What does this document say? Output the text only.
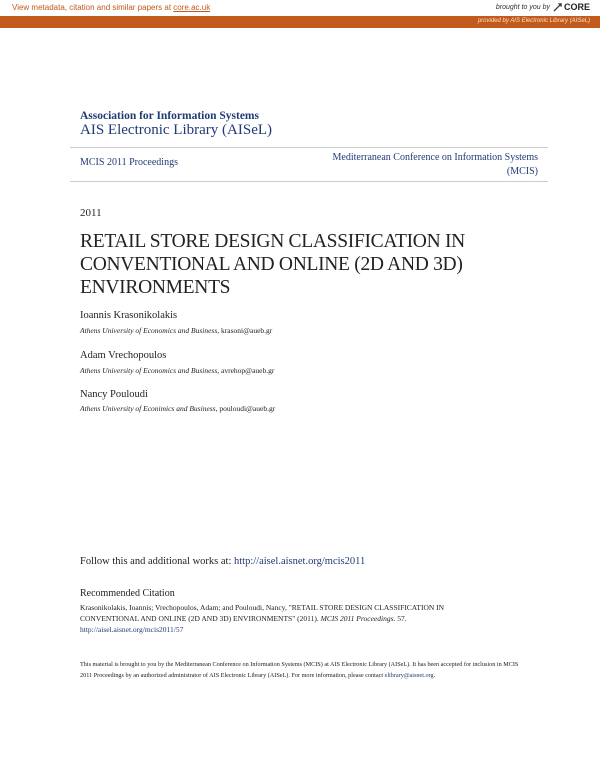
View metadata, citation and similar papers at core.ac.uk	brought to you by CORE
provided by AIS Electronic Library (AISeL)
Association for Information Systems
AIS Electronic Library (AISeL)
MCIS 2011 Proceedings	Mediterranean Conference on Information Systems
(MCIS)
2011
RETAIL STORE DESIGN CLASSIFICATION IN CONVENTIONAL AND ONLINE (2D AND 3D) ENVIRONMENTS
Ioannis Krasonikolakis
Athens University of Economics and Business, krasoni@aueb.gr
Adam Vrechopoulos
Athens University of Economics and Business, avrehop@aueb.gr
Nancy Pouloudi
Athens University of Econimics and Business, pouloudi@aueb.gr
Follow this and additional works at: http://aisel.aisnet.org/mcis2011
Recommended Citation
Krasonikolakis, Ioannis; Vrechopoulos, Adam; and Pouloudi, Nancy, "RETAIL STORE DESIGN CLASSIFICATION IN
CONVENTIONAL AND ONLINE (2D AND 3D) ENVIRONMENTS" (2011). MCIS 2011 Proceedings. 57.
http://aisel.aisnet.org/mcis2011/57
This material is brought to you by the Mediterranean Conference on Information Systems (MCIS) at AIS Electronic Library (AISeL). It has been accepted for inclusion in MCIS 2011 Proceedings by an authorized administrator of AIS Electronic Library (AISeL). For more information, please contact elibrary@aisnet.org.
